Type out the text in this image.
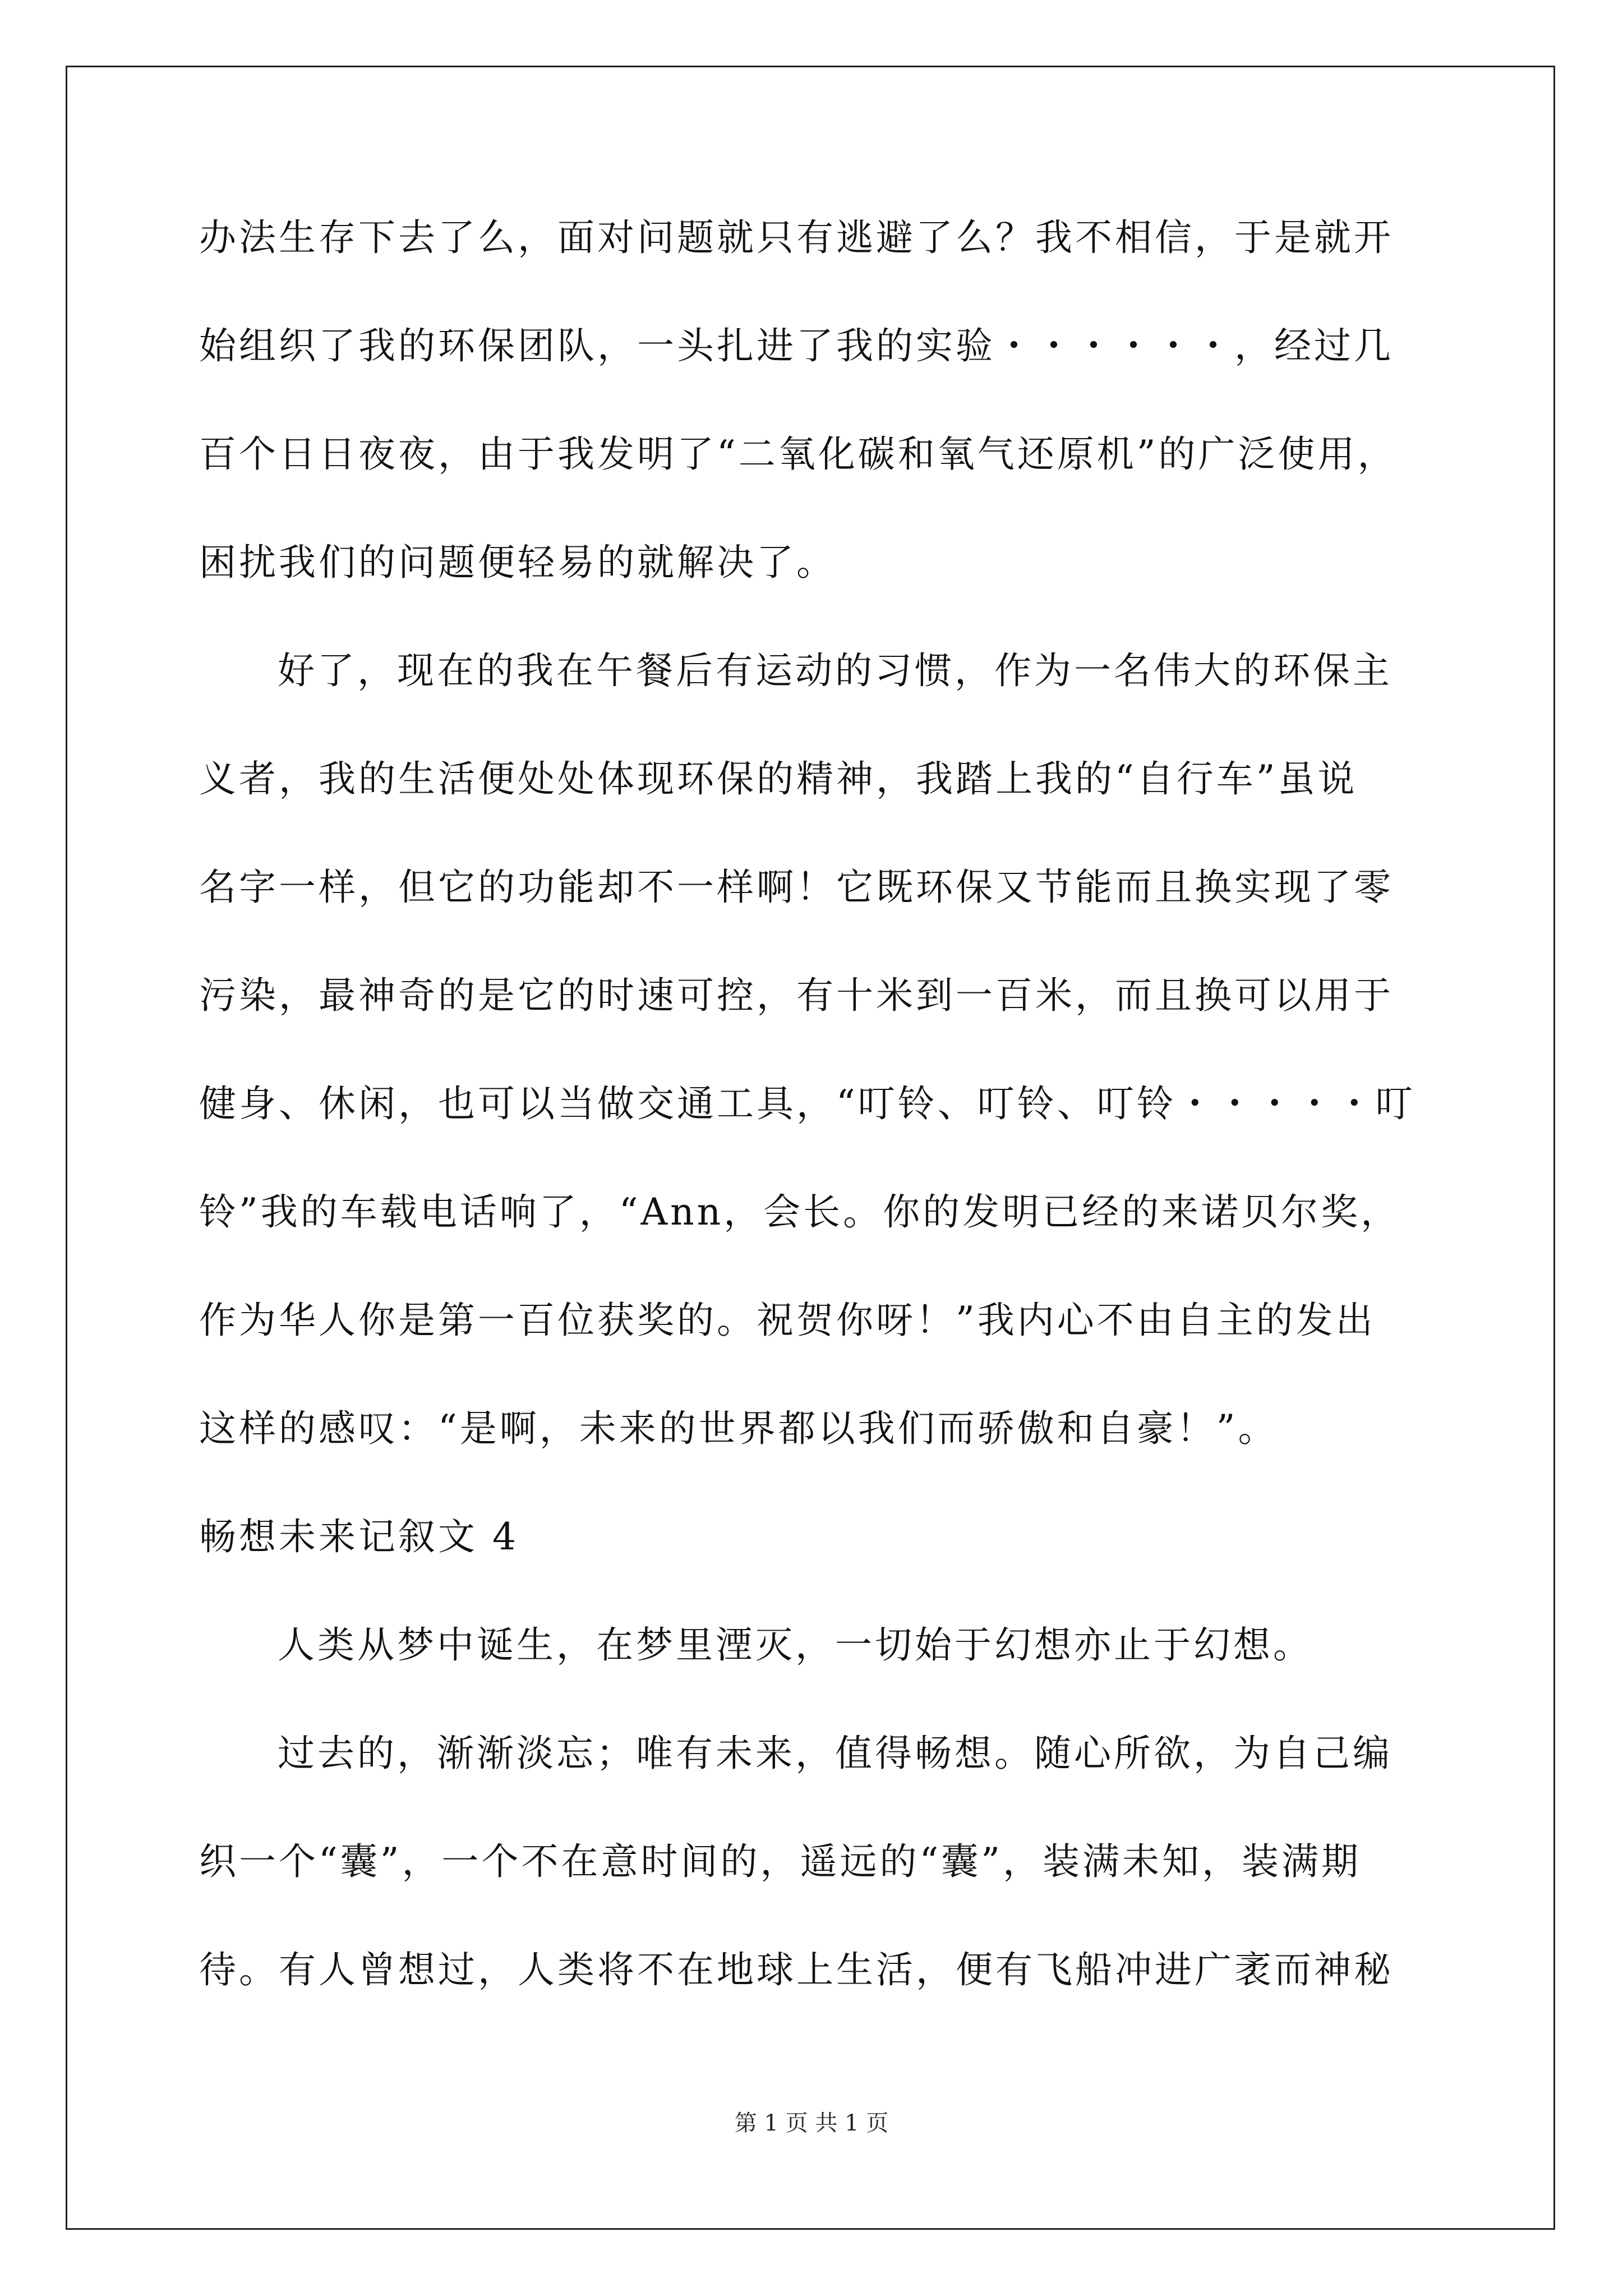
办法生存下去了么，面对问题就只有逃避了么？我不相信，于是就开
始组织了我的环保团队，一头扎进了我的实验・・・・・・，经过几
百个日日夜夜，由于我发明了“二氧化碳和氧气还原机”的广泛使用，
困扰我们的问题便轻易的就解决了。
好了，现在的我在午餐后有运动的习惯，作为一名伟大的环保主
义者，我的生活便处处体现环保的精神，我踏上我的“自行车”虽说
名字一样，但它的功能却不一样啊！它既环保又节能而且换实现了零
污染，最神奇的是它的时速可控，有十米到一百米，而且换可以用于
健身、休闲，也可以当做交通工具，“叮铃、叮铃、叮铃・・・・・叮
铃”我的车载电话响了，“Ann，会长。你的发明已经的来诺贝尔奖，
作为华人你是第一百位获奖的。祝贺你呀！”我内心不由自主的发出
这样的感叹：“是啊，未来的世界都以我们而骄傲和自豪！”。
畅想未来记叙文 4
人类从梦中诞生，在梦里湮灭，一切始于幻想亦止于幻想。
过去的，渐渐淡忘；唯有未来，值得畅想。随心所欲，为自己编
织一个“囊”，一个不在意时间的，遥远的“囊”，装满未知，装满期
待。有人曾想过，人类将不在地球上生活，便有飞船冲进广袤而神秘
第 1 页 共 1 页
